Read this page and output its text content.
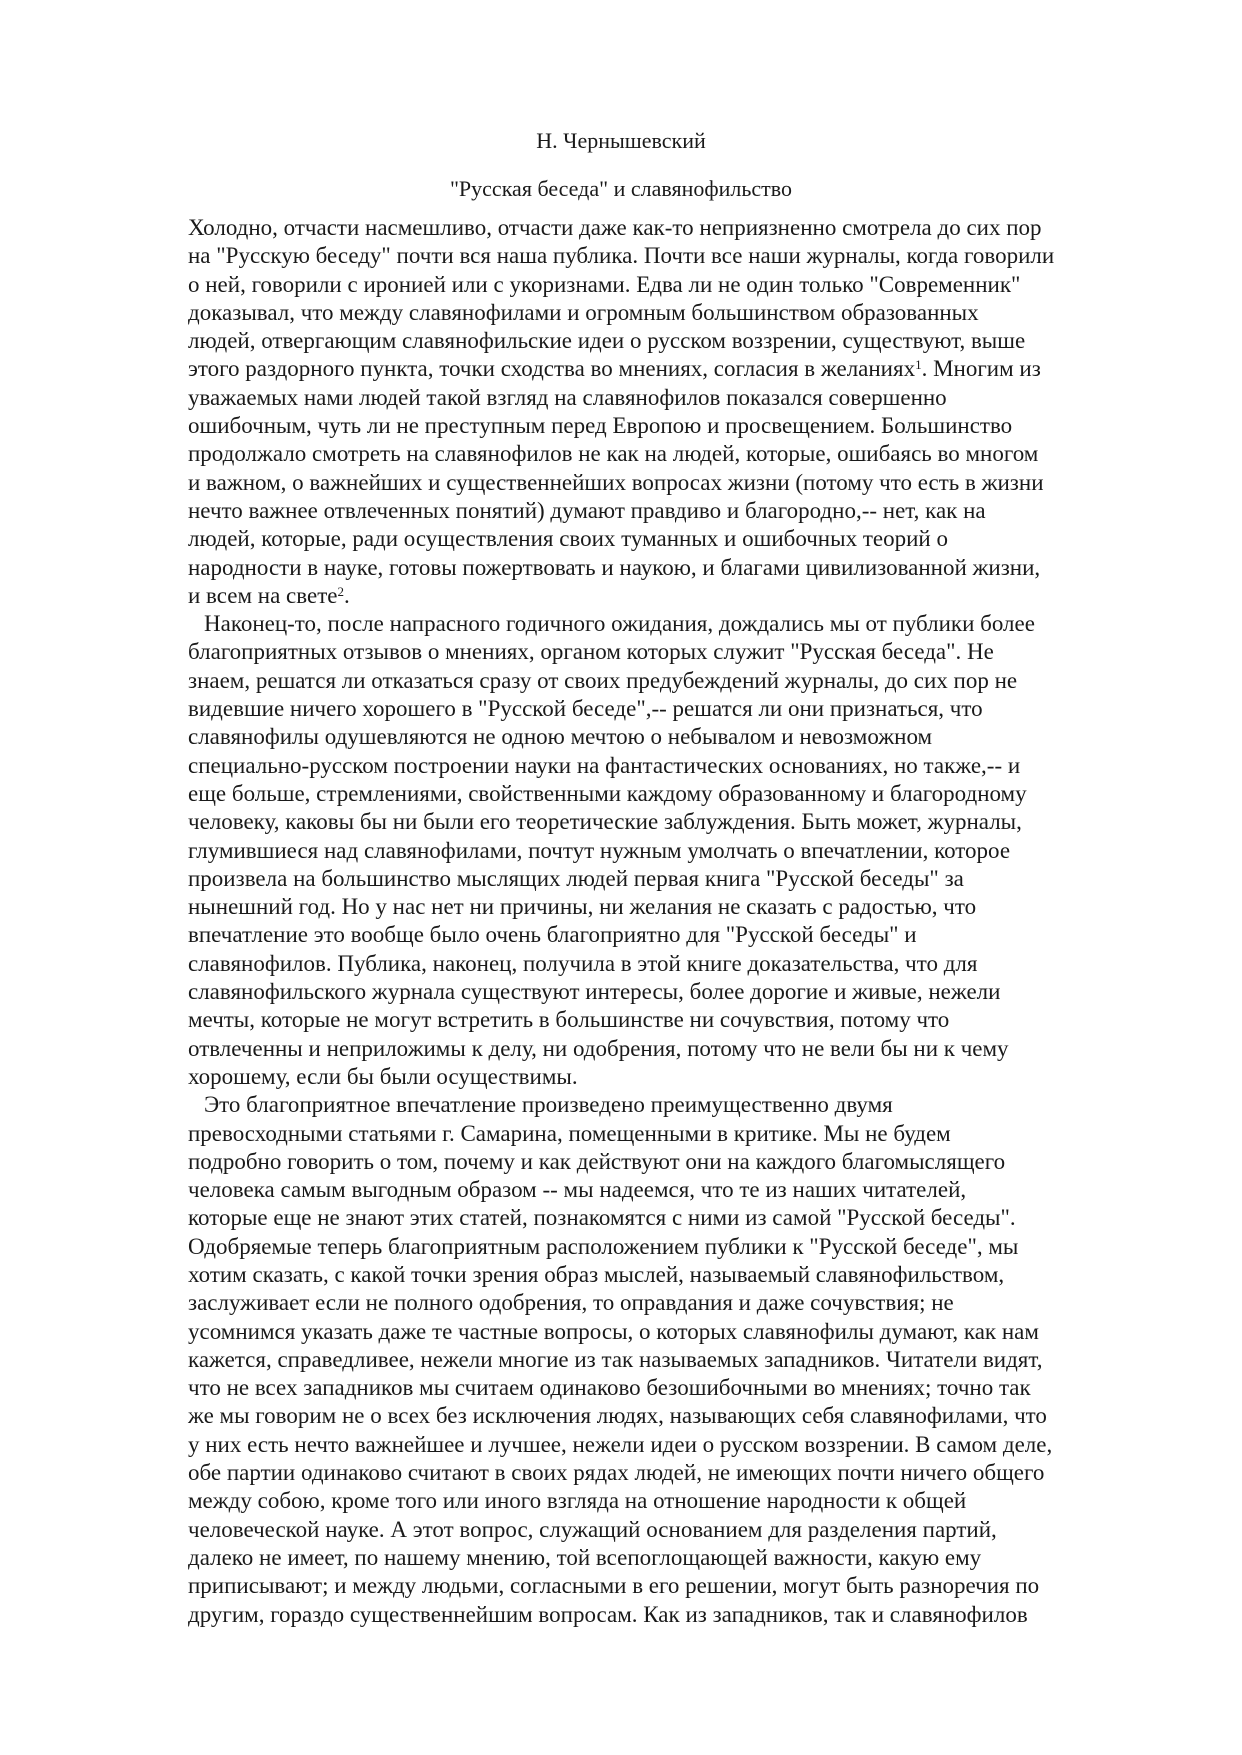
Н. Чернышевский
"Русская беседа" и славянофильство
Холодно, отчасти насмешливо, отчасти даже как-то неприязненно смотрела до сих пор
на "Русскую беседу" почти вся наша публика. Почти все наши журналы, когда говорили
о ней, говорили с иронией или с укоризнами. Едва ли не один только "Современник"
доказывал, что между славянофилами и огромным большинством образованных
людей, отвергающим славянофильские идеи о русском воззрении, существуют, выше
этого раздорного пункта, точки сходства во мнениях, согласия в желаниях$^1$. Многим из
уважаемых нами людей такой взгляд на славянофилов показался совершенно
ошибочным, чуть ли не преступным перед Европою и просвещением. Большинство
продолжало смотреть на славянофилов не как на людей, которые, ошибаясь во многом
и важном, о важнейших и существеннейших вопросах жизни (потому что есть в жизни
нечто важнее отвлеченных понятий) думают правдиво и благородно,-- нет, как на
людей, которые, ради осуществления своих туманных и ошибочных теорий о
народности в науке, готовы пожертвовать и наукою, и благами цивилизованной жизни,
и всем на свете$^2$.
Наконец-то, после напрасного годичного ожидания, дождались мы от публики более
благоприятных отзывов о мнениях, органом которых служит "Русская беседа". Не
знаем, решатся ли отказаться сразу от своих предубеждений журналы, до сих пор не
видевшие ничего хорошего в "Русской беседе",-- решатся ли они признаться, что
славянофилы одушевляются не одною мечтою о небывалом и невозможном
специально-русском построении науки на фантастических основаниях, но также,-- и
еще больше, стремлениями, свойственными каждому образованному и благородному
человеку, каковы бы ни были его теоретические заблуждения. Быть может, журналы,
глумившиеся над славянофилами, почтут нужным умолчать о впечатлении, которое
произвела на большинство мыслящих людей первая книга "Русской беседы" за
нынешний год. Но у нас нет ни причины, ни желания не сказать с радостью, что
впечатление это вообще было очень благоприятно для "Русской беседы" и
славянофилов. Публика, наконец, получила в этой книге доказательства, что для
славянофильского журнала существуют интересы, более дорогие и живые, нежели
мечты, которые не могут встретить в большинстве ни сочувствия, потому что
отвлеченны и неприложимы к делу, ни одобрения, потому что не вели бы ни к чему
хорошему, если бы были осуществимы.
Это благоприятное впечатление произведено преимущественно двумя
превосходными статьями г. Самарина, помещенными в критике. Мы не будем
подробно говорить о том, почему и как действуют они на каждого благомыслящего
человека самым выгодным образом -- мы надеемся, что те из наших читателей,
которые еще не знают этих статей, познакомятся с ними из самой "Русской беседы".
Одобряемые теперь благоприятным расположением публики к "Русской беседе", мы
хотим сказать, с какой точки зрения образ мыслей, называемый славянофильством,
заслуживает если не полного одобрения, то оправдания и даже сочувствия; не
усомнимся указать даже те частные вопросы, о которых славянофилы думают, как нам
кажется, справедливее, нежели многие из так называемых западников. Читатели видят,
что не всех западников мы считаем одинаково безошибочными во мнениях; точно так
же мы говорим не о всех без исключения людях, называющих себя славянофилами, что
у них есть нечто важнейшее и лучшее, нежели идеи о русском воззрении. В самом деле,
обе партии одинаково считают в своих рядах людей, не имеющих почти ничего общего
между собою, кроме того или иного взгляда на отношение народности к общей
человеческой науке. А этот вопрос, служащий основанием для разделения партий,
далеко не имеет, по нашему мнению, той всепоглощающей важности, какую ему
приписывают; и между людьми, согласными в его решении, могут быть разноречия по
другим, гораздо существеннейшим вопросам. Как из западников, так и славянофилов
